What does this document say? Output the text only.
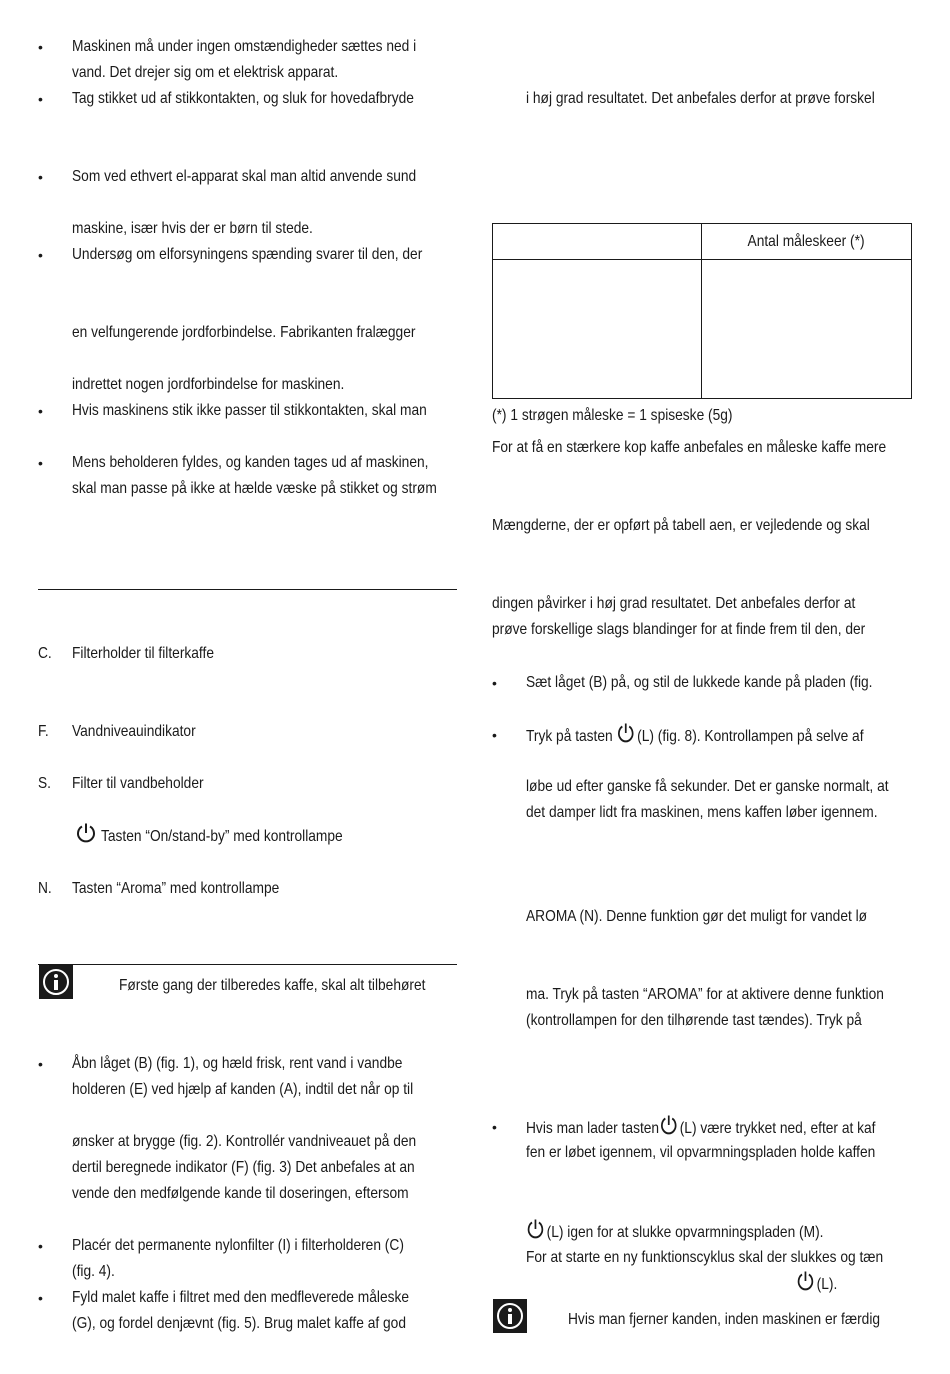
• Maskinen må under ingen omstændigheder sættes ned i
vand. Det drejer sig om et elektrisk apparat.
• Tag stikket ud af stikkontakten, og sluk for hovedafbryde
• Som ved ethvert el-apparat skal man altid anvende sund
maskine, især hvis der er børn til stede.
• Undersøg om elforsyningens spænding svarer til den, der
en velfungerende jordforbindelse. Fabrikanten fralægger
indrettet nogen jordforbindelse for maskinen.
• Hvis maskinens stik ikke passer til stikkontakten, skal man
• Mens beholderen fyldes, og kanden tages ud af maskinen,
skal man passe på ikke at hælde væske på stikket og strøm
C. Filterholder til filterkaffe
F. Vandniveauindikator
S. Filter til vandbeholder
Tasten “On/stand-by” med kontrollampe
N. Tasten “Aroma” med kontrollampe
Første gang der tilberedes kaffe, skal alt tilbehøret
• Åbn låget (B) (fig. 1), og hæld frisk, rent vand i vandbe
holderen (E) ved hjælp af kanden (A), indtil det når op til
ønsker at brygge (fig. 2). Kontrollér vandniveauet på den
dertil beregnede indikator (F) (fig. 3) Det anbefales at an
vende den medfølgende kande til doseringen, eftersom
• Placér det permanente nylonfilter (I) i filterholderen (C)
(fig. 4).
• Fyld malet kaffe i filtret med den medfleverede måleske
(G), og fordel denjævnt (fig. 5). Brug malet kaffe af god
i høj grad resultatet. Det anbefales derfor at prøve forskel
	Antal måleskeer (*)

(*) 1 strøgen måleske = 1 spiseske (5g)
For at få en stærkere kop kaffe anbefales en måleske kaffe mere
Mængderne, der er opført på tabell aen, er vejledende og skal
dingen påvirker i høj grad resultatet. Det anbefales derfor at
prøve forskellige slags blandinger for at finde frem til den, der
• Sæt låget (B) på, og stil de lukkede kande på pladen (fig.
• Tryk på tasten (L) (fig. 8). Kontrollampen på selve af
løbe ud efter ganske få sekunder. Det er ganske normalt, at
det damper lidt fra maskinen, mens kaffen løber igennem.
AROMA (N). Denne funktion gør det muligt for vandet lø
ma. Tryk på tasten “AROMA” for at aktivere denne funktion
(kontrollampen for den tilhørende tast tændes). Tryk på
• Hvis man lader tasten (L) være trykket ned, efter at kaf
fen er løbet igennem, vil opvarmningspladen holde kaffen
(L) igen for at slukke opvarmningspladen (M).
For at starte en ny funktionscyklus skal der slukkes og tæn
(L).
Hvis man fjerner kanden, inden maskinen er færdig
